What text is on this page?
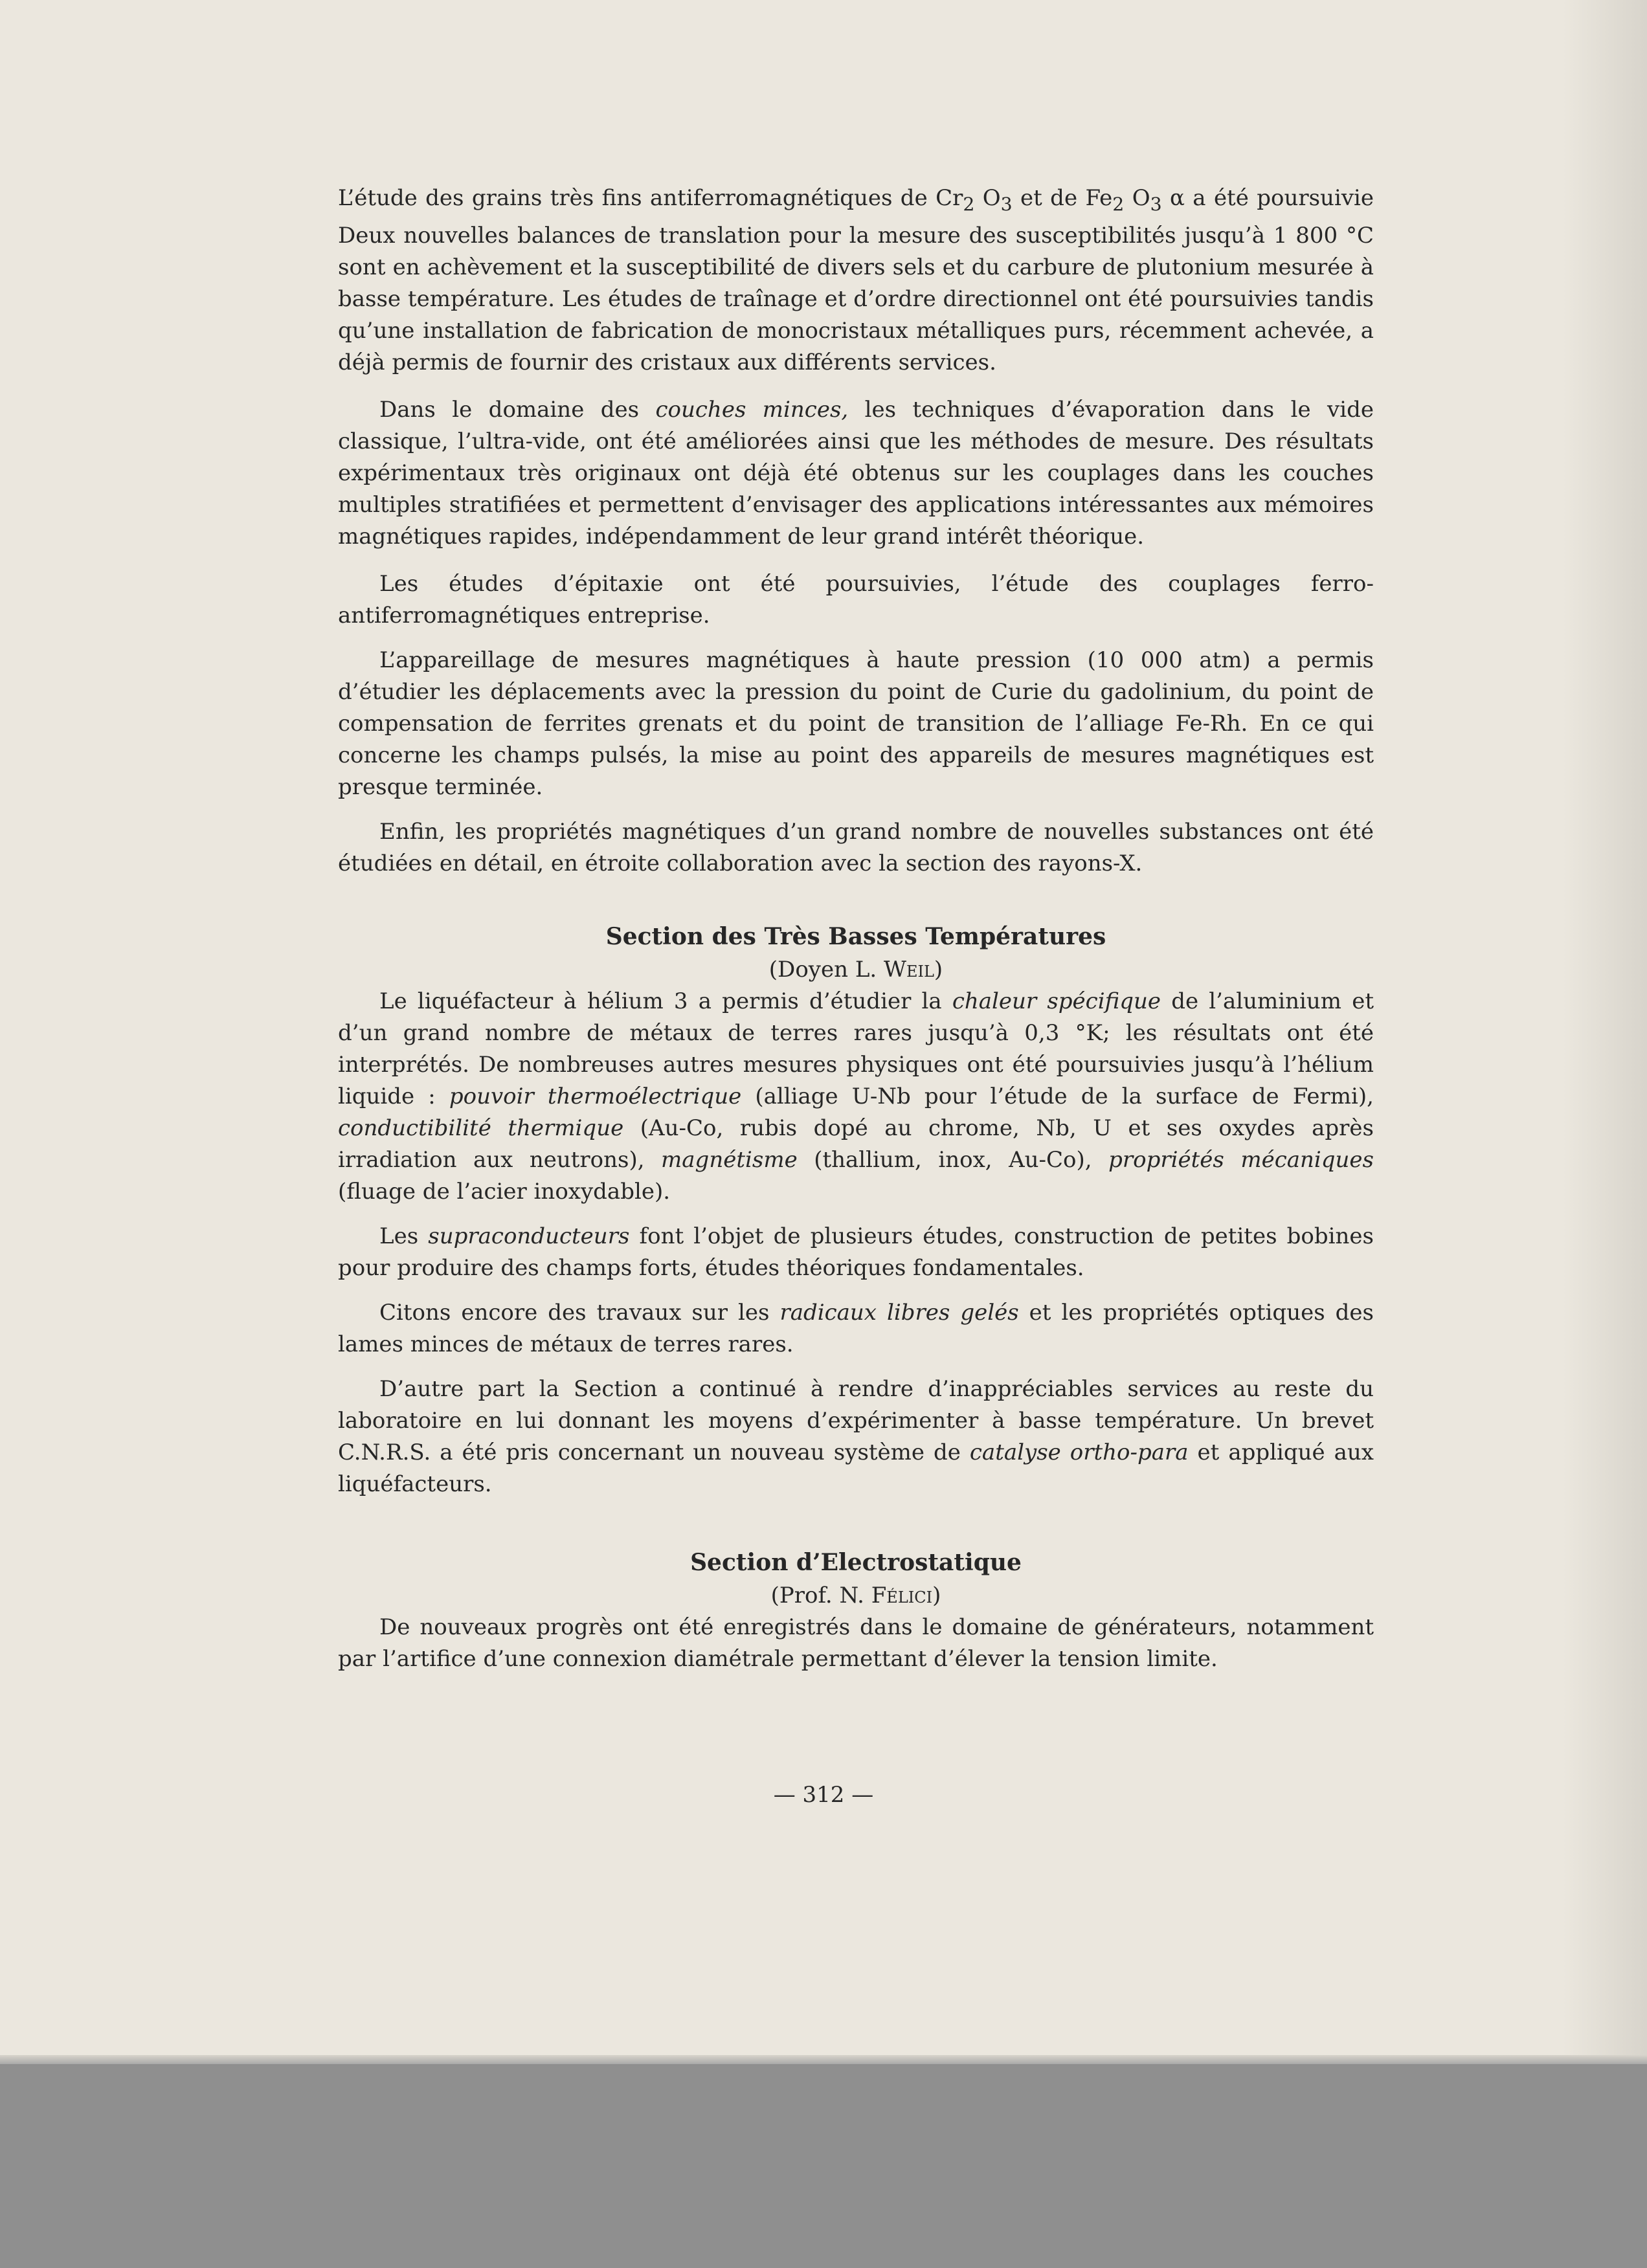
L’étude des grains très fins antiferromagnétiques de $Cr_2$ $O_3$ et de $Fe_2$ $O_3$ α a été poursuivie Deux nouvelles balances de translation pour la mesure des susceptibilités jusqu’à 1 800 °C sont en achèvement et la susceptibilité de divers sels et du carbure de plutonium mesurée à basse température. Les études de traînage et d’ordre directionnel ont été poursuivies tandis qu’une installation de fabrication de monocristaux métalliques purs, récemment achevée, a déjà permis de fournir des cristaux aux différents services.

Dans le domaine des couches minces, les techniques d’évaporation dans le vide classique, l’ultra-vide, ont été améliorées ainsi que les méthodes de mesure. Des résultats expérimentaux très originaux ont déjà été obtenus sur les couplages dans les couches multiples stratifiées et permettent d’envisager des applications intéressantes aux mémoires magnétiques rapides, indépendamment de leur grand intérêt théorique.

Les études d’épitaxie ont été poursuivies, l’étude des couplages ferro-antiferromagnétiques entreprise.

L’appareillage de mesures magnétiques à haute pression (10 000 atm) a permis d’étudier les déplacements avec la pression du point de Curie du gadolinium, du point de compensation de ferrites grenats et du point de transition de l’alliage Fe-Rh. En ce qui concerne les champs pulsés, la mise au point des appareils de mesures magnétiques est presque terminée.

Enfin, les propriétés magnétiques d’un grand nombre de nouvelles substances ont été étudiées en détail, en étroite collaboration avec la section des rayons-X.

Section des Très Basses Températures
(Doyen L. Weil)

Le liquéfacteur à hélium 3 a permis d’étudier la chaleur spécifique de l’aluminium et d’un grand nombre de métaux de terres rares jusqu’à 0,3 °K; les résultats ont été interprétés. De nombreuses autres mesures physiques ont été poursuivies jusqu’à l’hélium liquide : pouvoir thermoélectrique (alliage U-Nb pour l’étude de la surface de Fermi), conductibilité thermique (Au-Co, rubis dopé au chrome, Nb, U et ses oxydes après irradiation aux neutrons), magnétisme (thallium, inox, Au-Co), propriétés mécaniques (fluage de l’acier inoxydable).

Les supraconducteurs font l’objet de plusieurs études, construction de petites bobines pour produire des champs forts, études théoriques fondamentales.

Citons encore des travaux sur les radicaux libres gelés et les propriétés optiques des lames minces de métaux de terres rares.

D’autre part la Section a continué à rendre d’inappréciables services au reste du laboratoire en lui donnant les moyens d’expérimenter à basse température. Un brevet C.N.R.S. a été pris concernant un nouveau système de catalyse ortho-para et appliqué aux liquéfacteurs.

Section d’Electrostatique
(Prof. N. Félici)

De nouveaux progrès ont été enregistrés dans le domaine de générateurs, notamment par l’artifice d’une connexion diamétrale permettant d’élever la tension limite.

— 312 —
